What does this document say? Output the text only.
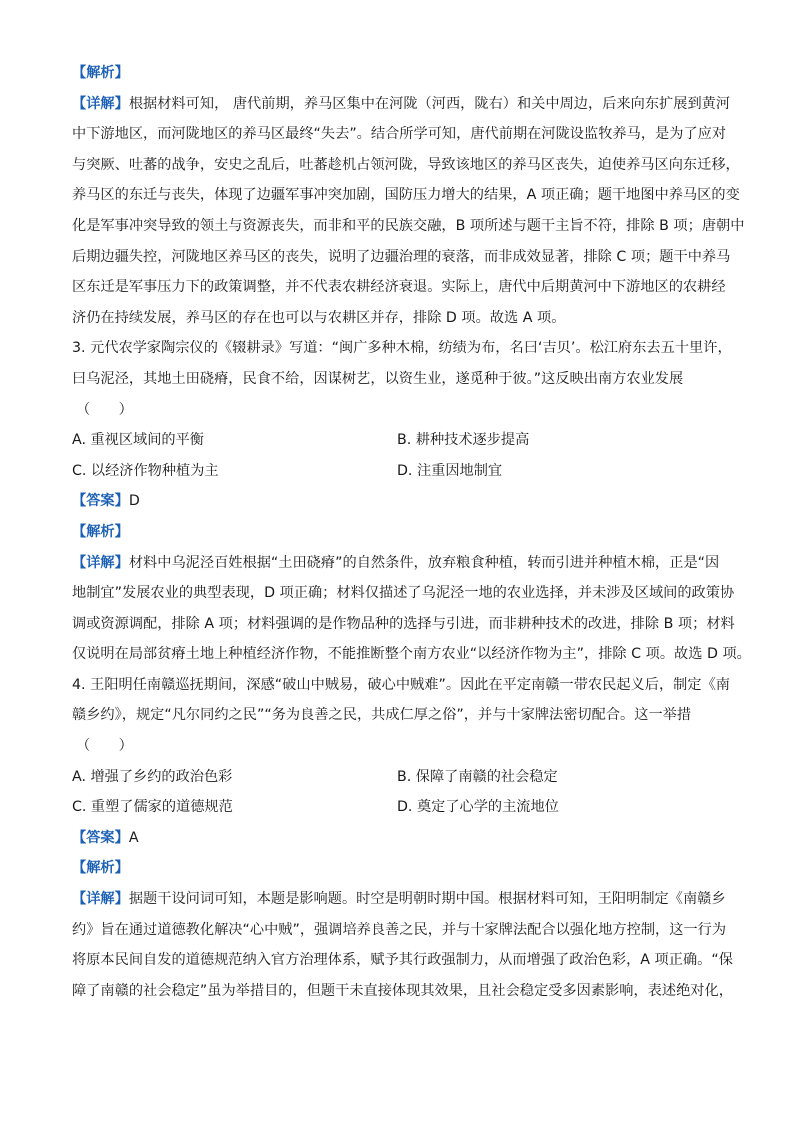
【解析】
【详解】根据材料可知， 唐代前期，养马区集中在河陇（河西，陇右）和关中周边，后来向东扩展到黄河
中下游地区，而河陇地区的养马区最终“失去”。结合所学可知，唐代前期在河陇设监牧养马，是为了应对
与突厥、吐蕃的战争，安史之乱后，吐蕃趁机占领河陇，导致该地区的养马区丧失，迫使养马区向东迁移，
养马区的东迁与丧失，体现了边疆军事冲突加剧，国防压力增大的结果，A 项正确；题干地图中养马区的变
化是军事冲突导致的领土与资源丧失，而非和平的民族交融，B 项所述与题干主旨不符，排除 B 项；唐朝中
后期边疆失控，河陇地区养马区的丧失，说明了边疆治理的衰落，而非成效显著，排除 C 项；题干中养马
区东迁是军事压力下的政策调整，并不代表农耕经济衰退。实际上，唐代中后期黄河中下游地区的农耕经
济仍在持续发展，养马区的存在也可以与农耕区并存，排除 D 项。故选 A 项。
3. 元代农学家陶宗仪的《辍耕录》写道：“闽广多种木棉，纺绩为布，名曰‘吉贝’。松江府东去五十里许，
曰乌泥泾，其地土田硗瘠，民食不给，因谋树艺，以资生业，遂觅种于彼。”这反映出南方农业发展
（　　）
A. 重视区域间的平衡	B. 耕种技术逐步提高
C. 以经济作物种植为主	D. 注重因地制宜
【答案】D
【解析】
【详解】材料中乌泥泾百姓根据“土田硗瘠”的自然条件，放弃粮食种植，转而引进并种植木棉，正是“因
地制宜”发展农业的典型表现，D 项正确；材料仅描述了乌泥泾一地的农业选择，并未涉及区域间的政策协
调或资源调配，排除 A 项；材料强调的是作物品种的选择与引进，而非耕种技术的改进，排除 B 项；材料
仅说明在局部贫瘠土地上种植经济作物，不能推断整个南方农业“以经济作物为主”，排除 C 项。故选 D 项。
4. 王阳明任南赣巡抚期间，深感“破山中贼易，破心中贼难”。因此在平定南赣一带农民起义后，制定《南
赣乡约》，规定“凡尔同约之民”“务为良善之民，共成仁厚之俗”，并与十家牌法密切配合。这一举措
（　　）
A. 增强了乡约的政治色彩	B. 保障了南赣的社会稳定
C. 重塑了儒家的道德规范	D. 奠定了心学的主流地位
【答案】A
【解析】
【详解】据题干设问词可知，本题是影响题。时空是明朝时期中国。根据材料可知，王阳明制定《南赣乡
约》旨在通过道德教化解决“心中贼”，强调培养良善之民，并与十家牌法配合以强化地方控制，这一行为
将原本民间自发的道德规范纳入官方治理体系，赋予其行政强制力，从而增强了政治色彩，A 项正确。“保
障了南赣的社会稳定”虽为举措目的，但题干未直接体现其效果，且社会稳定受多因素影响，表述绝对化，
